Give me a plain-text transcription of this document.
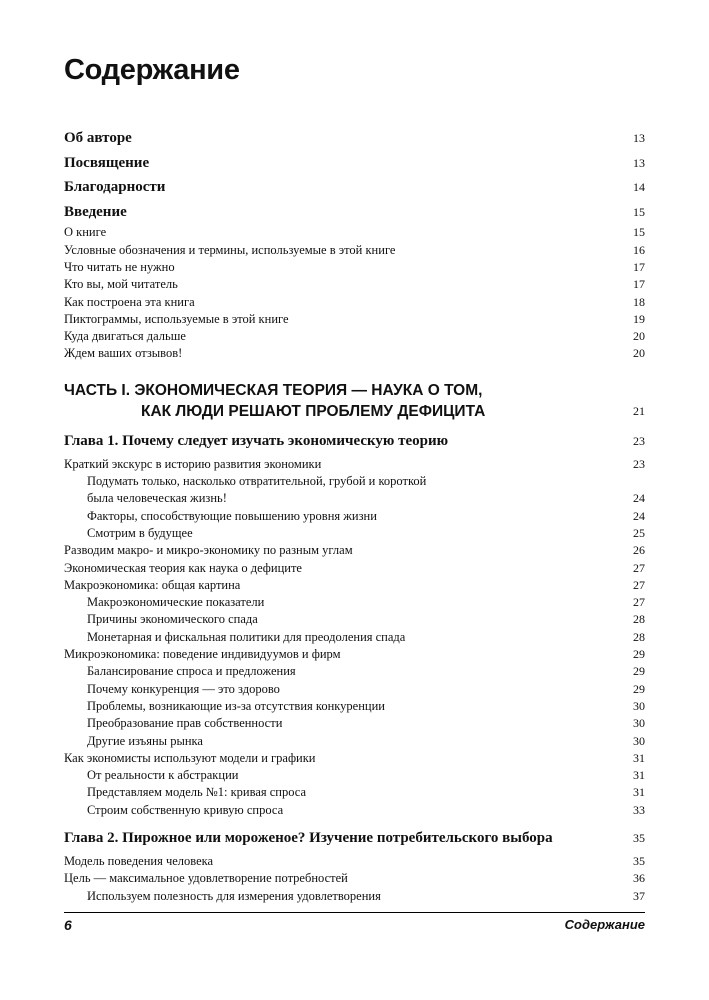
Содержание
Об авторе	13
Посвящение	13
Благодарности	14
Введение	15
О книге	15
Условные обозначения и термины, используемые в этой книге	16
Что читать не нужно	17
Кто вы, мой читатель	17
Как построена эта книга	18
Пиктограммы, используемые в этой книге	19
Куда двигаться дальше	20
Ждем ваших отзывов!	20
ЧАСТЬ I. ЭКОНОМИЧЕСКАЯ ТЕОРИЯ — НАУКА О ТОМ,
КАК ЛЮДИ РЕШАЮТ ПРОБЛЕМУ ДЕФИЦИТА	21
Глава 1. Почему следует изучать экономическую теорию	23
Краткий экскурс в историю развития экономики	23
Подумать только, насколько отвратительной, грубой и короткой
была человеческая жизнь!	24
Факторы, способствующие повышению уровня жизни	24
Смотрим в будущее	25
Разводим макро- и микро-экономику по разным углам	26
Экономическая теория как наука о дефиците	27
Макроэкономика: общая картина	27
Макроэкономические показатели	27
Причины экономического спада	28
Монетарная и фискальная политики для преодоления спада	28
Микроэкономика: поведение индивидуумов и фирм	29
Балансирование спроса и предложения	29
Почему конкуренция — это здорово	29
Проблемы, возникающие из-за отсутствия конкуренции	30
Преобразование прав собственности	30
Другие изъяны рынка	30
Как экономисты используют модели и графики	31
От реальности к абстракции	31
Представляем модель №1: кривая спроса	31
Строим собственную кривую спроса	33
Глава 2. Пирожное или мороженое? Изучение потребительского выбора	35
Модель поведения человека	35
Цель — максимальное удовлетворение потребностей	36
Используем полезность для измерения удовлетворения	37
6	Содержание
